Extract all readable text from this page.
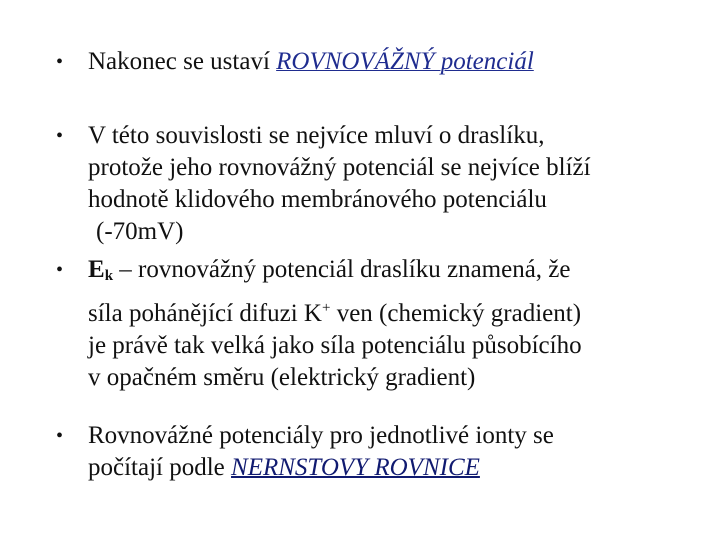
• Nakonec se ustaví ROVNOVÁŽNÝ potenciál
• V této souvislosti se nejvíce mluví o draslíku,
protože jeho rovnovážný potenciál se nejvíce blíží
hodnotě klidového membránového potenciálu
(-70mV)
• $E_k$ – rovnovážný potenciál draslíku znamená, že
síla pohánějící difuzi K+ ven (chemický gradient)
je právě tak velká jako síla potenciálu působícího
v opačném směru (elektrický gradient)
• Rovnovážné potenciály pro jednotlivé ionty se
počítají podle NERNSTOVY ROVNICE
